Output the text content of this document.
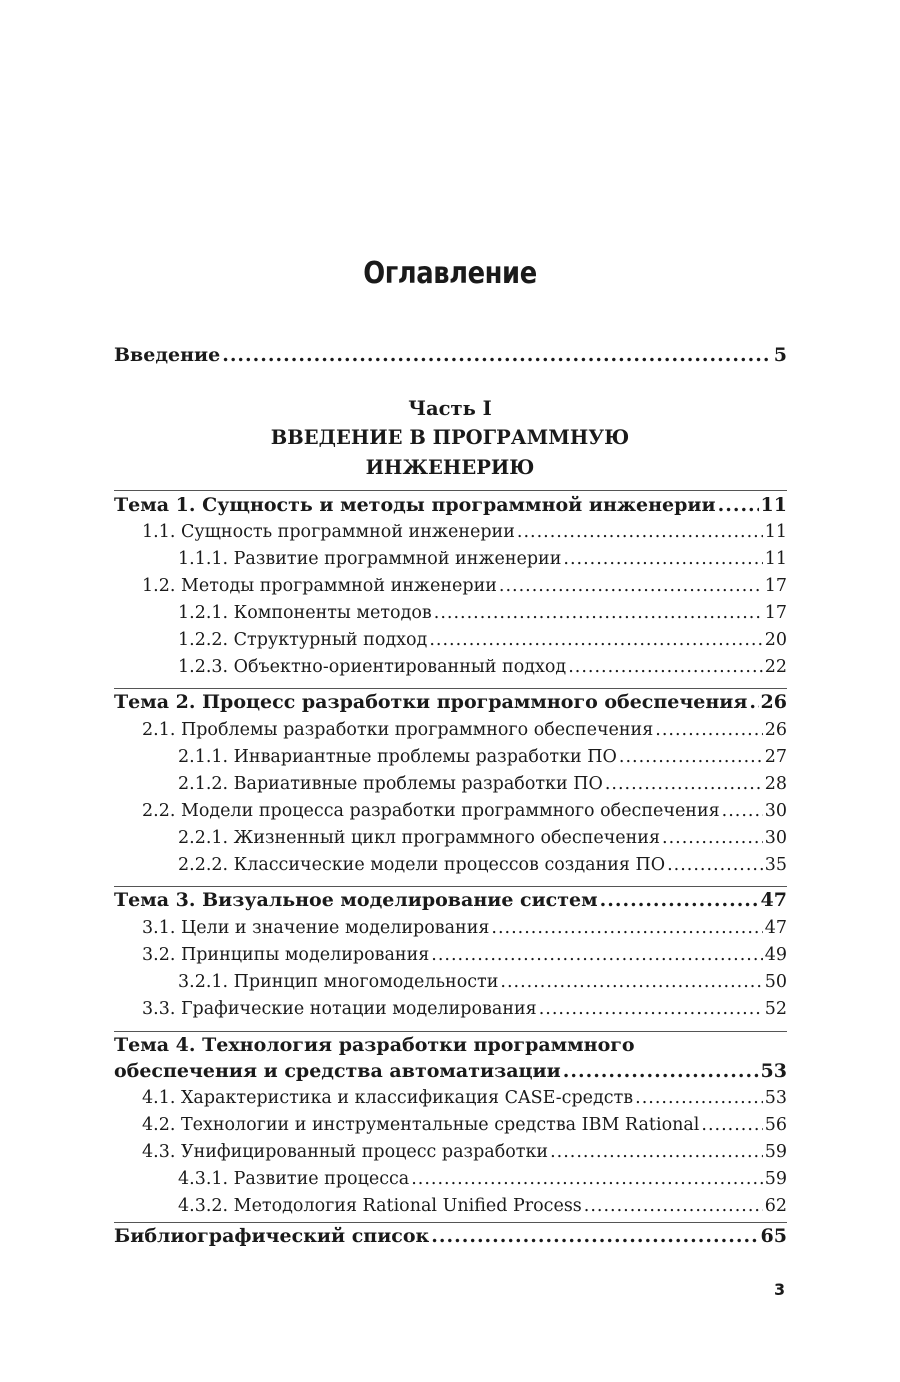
Оглавление
Введение .....	5
Часть I
ВВЕДЕНИЕ В ПРОГРАММНУЮ
ИНЖЕНЕРИЮ
Тема 1. Сущность и методы программной инженерии ..... 11
1.1. Сущность программной инженерии .....	11
1.1.1. Развитие программной инженерии .....	11
1.2. Методы программной инженерии .....	17
1.2.1. Компоненты методов .....	17
1.2.2. Структурный подход .....	20
1.2.3. Объектно-ориентированный подход .....	22
Тема 2. Процесс разработки программного обеспечения ..... 26
2.1. Проблемы разработки программного обеспечения .....	26
2.1.1. Инвариантные проблемы разработки ПО .....	27
2.1.2. Вариативные проблемы разработки ПО .....	28
2.2. Модели процесса разработки программного обеспечения .....	30
2.2.1. Жизненный цикл программного обеспечения .....	30
2.2.2. Классические модели процессов создания ПО .....	35
Тема 3. Визуальное моделирование систем .....	47
3.1. Цели и значение моделирования .....	47
3.2. Принципы моделирования .....	49
3.2.1. Принцип многомодельности .....	50
3.3. Графические нотации моделирования .....	52
Тема 4. Технология разработки программного
обеспечения и средства автоматизации .....	53
4.1. Характеристика и классификация CASE-средств .....	53
4.2. Технологии и инструментальные средства IBM Rational .....	56
4.3. Унифицированный процесс разработки .....	59
4.3.1. Развитие процесса .....	59
4.3.2. Методология Rational Unified Process .....	62
Библиографический список .....	65
3
